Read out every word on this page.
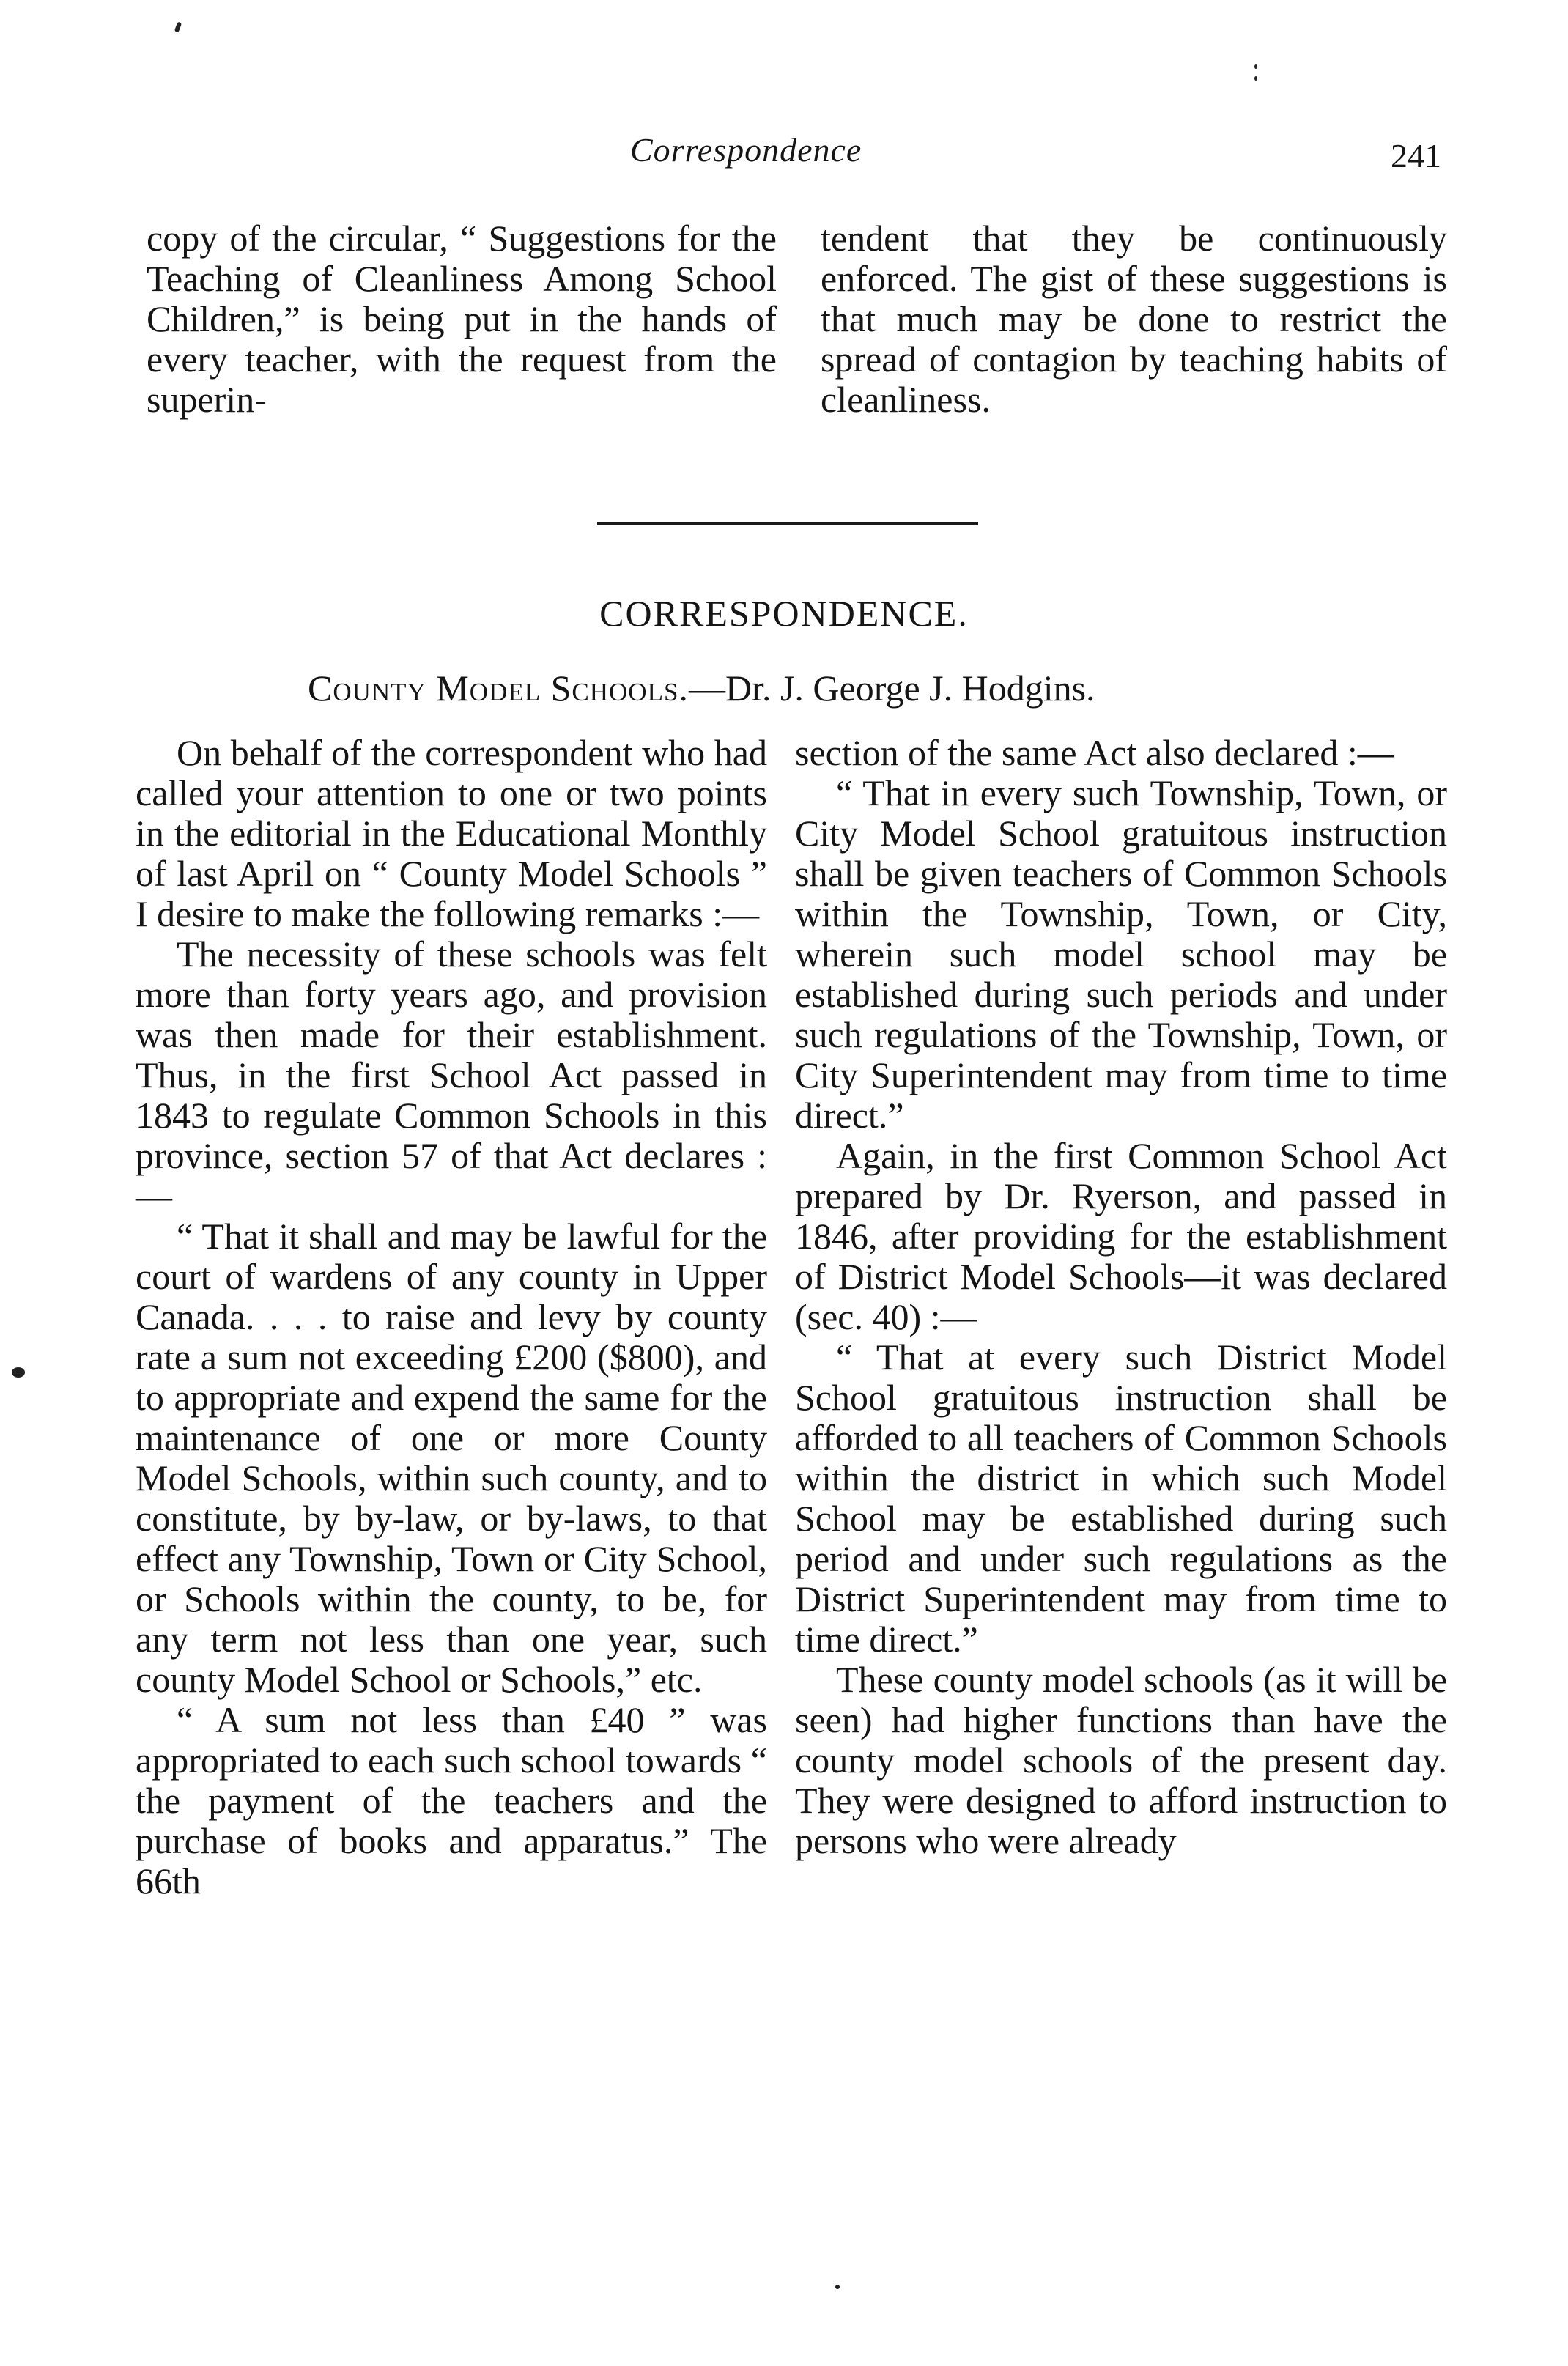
Correspondence	241

copy of the circular, “ Suggestions for the Teaching of Cleanliness Among School Children,” is being put in the hands of every teacher, with the request from the superin-

tendent that they be continuously enforced. The gist of these suggestions is that much may be done to restrict the spread of contagion by teaching habits of cleanliness.

CORRESPONDENCE.
County Model Schools.—Dr. J. George J. Hodgins.

On behalf of the correspondent who had called your attention to one or two points in the editorial in the Educational Monthly of last April on “ County Model Schools ” I desire to make the following remarks :—

The necessity of these schools was felt more than forty years ago, and provision was then made for their establishment. Thus, in the first School Act passed in 1843 to regulate Common Schools in this province, section 57 of that Act declares :—

“ That it shall and may be lawful for the court of wardens of any county in Upper Canada. . . . to raise and levy by county rate a sum not exceeding £200 ($800), and to appropriate and expend the same for the maintenance of one or more County Model Schools, within such county, and to constitute, by by-law, or by-laws, to that effect any Township, Town or City School, or Schools within the county, to be, for any term not less than one year, such county Model School or Schools,” etc.

“ A sum not less than £40 ” was appropriated to each such school towards “ the payment of the teachers and the purchase of books and apparatus.” The 66th

section of the same Act also declared :—

“ That in every such Township, Town, or City Model School gratuitous instruction shall be given teachers of Common Schools within the Township, Town, or City, wherein such model school may be established during such periods and under such regulations of the Township, Town, or City Superintendent may from time to time direct.”

Again, in the first Common School Act prepared by Dr. Ryerson, and passed in 1846, after providing for the establishment of District Model Schools—it was declared (sec. 40) :—

“ That at every such District Model School gratuitous instruction shall be afforded to all teachers of Common Schools within the district in which such Model School may be established during such period and under such regulations as the District Superintendent may from time to time direct.”

These county model schools (as it will be seen) had higher functions than have the county model schools of the present day. They were designed to afford instruction to persons who were already
